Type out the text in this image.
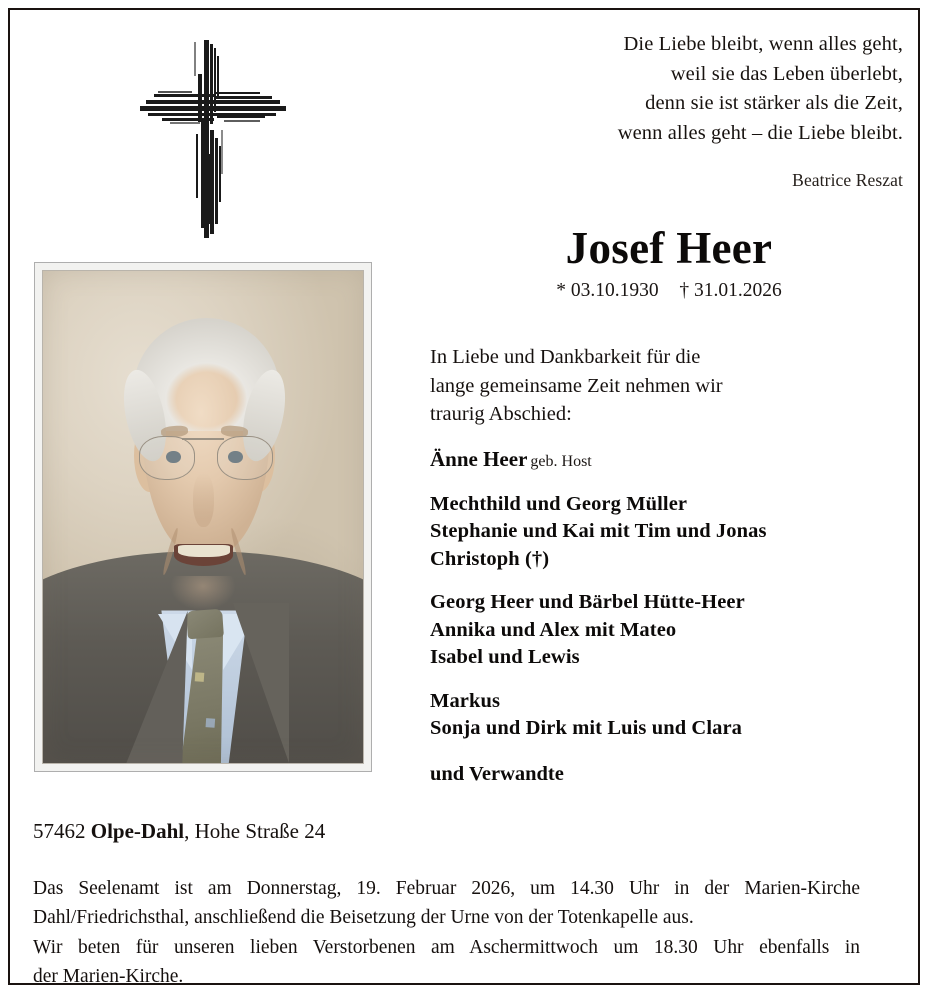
Die Liebe bleibt, wenn alles geht,
weil sie das Leben überlebt,
denn sie ist stärker als die Zeit,
wenn alles geht – die Liebe bleibt.
Beatrice Reszat
Josef Heer
* 03.10.1930 † 31.01.2026
In Liebe und Dankbarkeit für die
lange gemeinsame Zeit nehmen wir
traurig Abschied:
Änne Heer geb. Host
Mechthild und Georg Müller
Stephanie und Kai mit Tim und Jonas
Christoph (†)
Georg Heer und Bärbel Hütte-Heer
Annika und Alex mit Mateo
Isabel und Lewis
Markus
Sonja und Dirk mit Luis und Clara
und Verwandte
57462 Olpe-Dahl, Hohe Straße 24
Das Seelenamt ist am Donnerstag, 19. Februar 2026, um 14.30 Uhr in der Marien-Kirche
Dahl/Friedrichsthal, anschließend die Beisetzung der Urne von der Totenkapelle aus.
Wir beten für unseren lieben Verstorbenen am Aschermittwoch um 18.30 Uhr ebenfalls in
der Marien-Kirche.
